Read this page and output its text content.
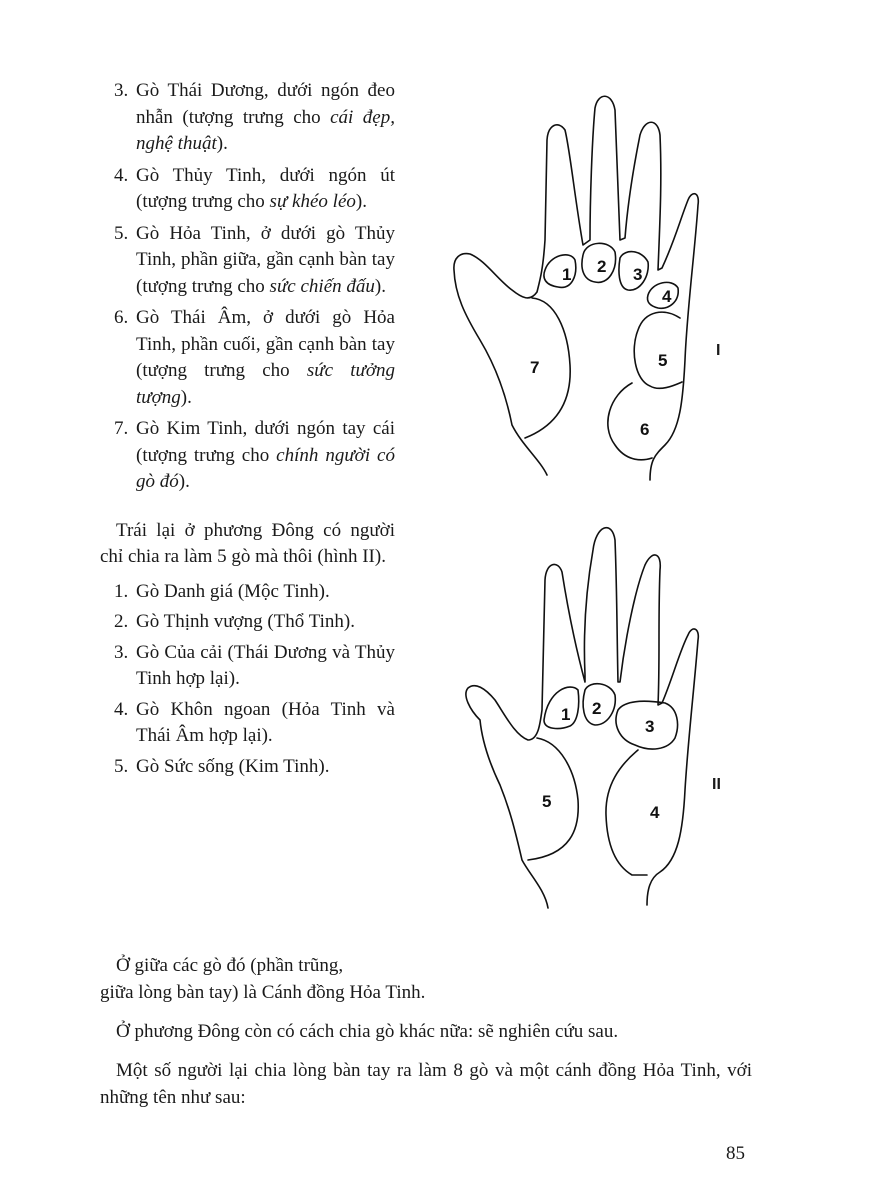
3. Gò Thái Dương, dưới ngón đeo nhẫn (tượng trưng cho cái đẹp, nghệ thuật).
4. Gò Thủy Tinh, dưới ngón út (tượng trưng cho sự khéo léo).
5. Gò Hỏa Tinh, ở dưới gò Thủy Tinh, phần giữa, gần cạnh bàn tay (tượng trưng cho sức chiến đấu).
6. Gò Thái Âm, ở dưới gò Hỏa Tinh, phần cuối, gần cạnh bàn tay (tượng trưng cho sức tưởng tượng).
7. Gò Kim Tinh, dưới ngón tay cái (tượng trưng cho chính người có gò đó).
Trái lại ở phương Đông có người chỉ chia ra làm 5 gò mà thôi (hình II).
1. Gò Danh giá (Mộc Tinh).
2. Gò Thịnh vượng (Thổ Tinh).
3. Gò Của cải (Thái Dương và Thủy Tinh hợp lại).
4. Gò Khôn ngoan (Hỏa Tinh và Thái Âm hợp lại).
5. Gò Sức sống (Kim Tinh).
1 2 3
4
5
6
7
I
1 2
3
4
5
II

Ở giữa các gò đó (phần trũng,

giữa lòng bàn tay) là Cánh đồng Hỏa Tinh.

Ở phương Đông còn có cách chia gò khác nữa: sẽ nghiên cứu sau.

Một số người lại chia lòng bàn tay ra làm 8 gò và một cánh đồng Hỏa Tinh, với những tên như sau:

85
